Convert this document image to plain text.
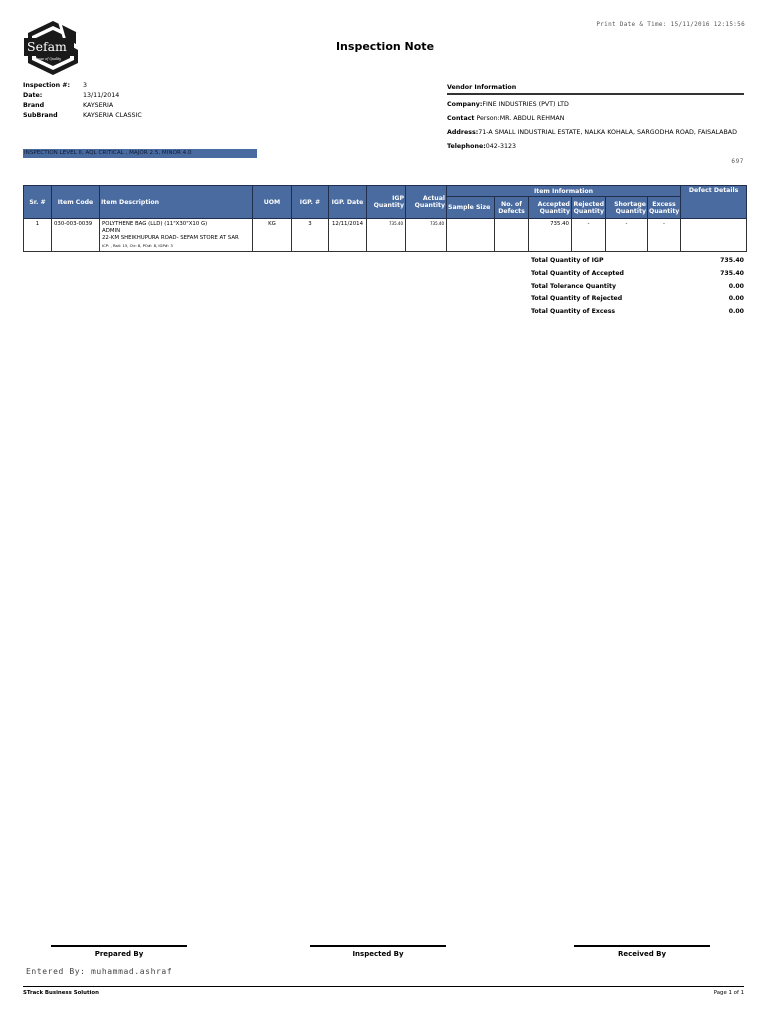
Print Date & Time: 15/11/2016 12:15:56
Sefam
House of Quality
Inspection Note
Inspection #:	3
Date:	13/11/2014
Brand	KAYSERIA
SubBrand	KAYSERIA CLASSIC
Vendor Information
Company:FINE INDUSTRIES (PVT) LTD
Contact Person:MR. ABDUL REHMAN
Address:71-A SMALL INDUSTRIAL ESTATE, NALKA KOHALA, SARGODHA ROAD, FAISALABAD
Telephone:042-3123
INSPECTION LEVEL II, AQL CRITICAL , MAJOR 2.5, MINOR 4.0
697
Sr. #	Item Code	Item Description	UOM	IGP. #	IGP. Date	IGP Quantity	Actual Quantity	Item Information						Defect Details
								Sample Size	No. of Defects	Accepted Quantity	Rejected Quantity	Shortage Quantity	Excess Quantity	
1	030-003-0039	POLYTHENE BAG (LLD) (11"X30"X10 G)
ADMIN
22-KM SHEIKHUPURA ROAD- SEFAM STORE AT SAR
ICP: , Rail: 15, Ctr: 8, PO#: 8, IGP#: 3	KG	3	12/11/2014	735.40	735.40			735.40	-	-	-	
Total Quantity of IGP	735.40
Total Quantity of Accepted	735.40
Total Tolerance Quantity	0.00
Total Quantity of Rejected	0.00
Total Quantity of Excess	0.00
Prepared By	Inspected By	Received By
Entered By: muhammad.ashraf
STrack Business Solution	Page 1 of 1
